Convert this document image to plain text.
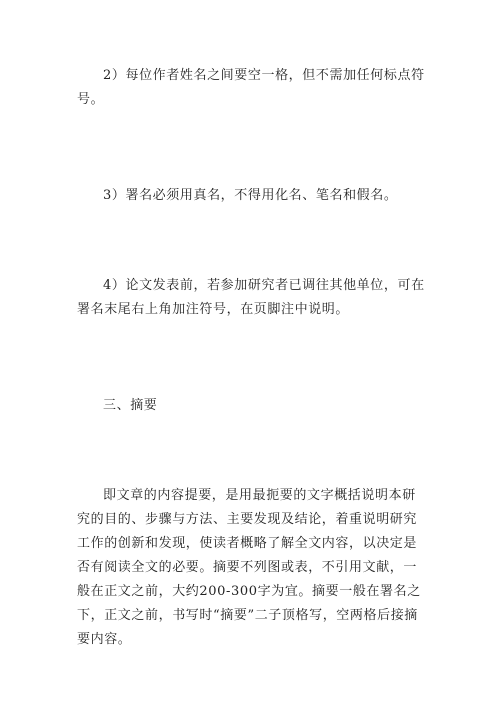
2）每位作者姓名之间要空一格，但不需加任何标点符号。

3）署名必须用真名，不得用化名、笔名和假名。

4）论文发表前，若参加研究者已调往其他单位，可在署名末尾右上角加注符号，在页脚注中说明。

三、摘要

即文章的内容提要，是用最扼要的文字概括说明本研究的目的、步骤与方法、主要发现及结论，着重说明研究工作的创新和发现，使读者概略了解全文内容，以决定是否有阅读全文的必要。摘要不列图或表，不引用文献，一般在正文之前，大约200-300字为宜。摘要一般在署名之下，正文之前，书写时“摘要”二子顶格写，空两格后接摘要内容。
